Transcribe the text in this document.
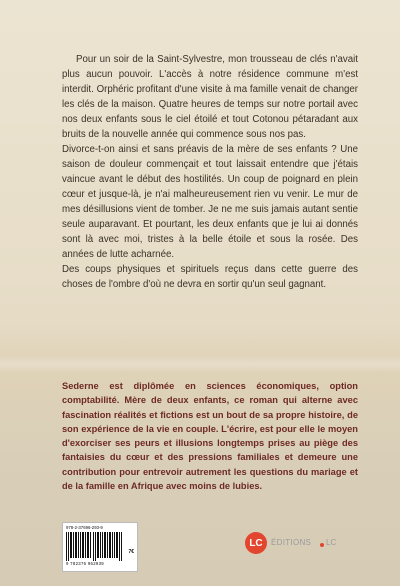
Pour un soir de la Saint-Sylvestre, mon trousseau de clés n'avait plus aucun pouvoir. L'accès à notre résidence commune m'est interdit. Orphéric profitant d'une visite à ma famille venait de changer les clés de la maison. Quatre heures de temps sur notre portail avec nos deux enfants sous le ciel étoilé et tout Cotonou pétaradant aux bruits de la nouvelle année qui commence sous nos pas.

Divorce-t-on ainsi et sans préavis de la mère de ses enfants ? Une saison de douleur commençait et tout laissait entendre que j'étais vaincue avant le début des hostilités. Un coup de poignard en plein cœur et jusque-là, je n'ai malheureusement rien vu venir. Le mur de mes désillusions vient de tomber. Je ne me suis jamais autant sentie seule auparavant. Et pourtant, les deux enfants que je lui ai donnés sont là avec moi, tristes à la belle étoile et sous la rosée. Des années de lutte acharnée.

Des coups physiques et spirituels reçus dans cette guerre des choses de l'ombre d'où ne devra en sortir qu'un seul gagnant.

Sederne est diplômée en sciences économiques, option comptabilité. Mère de deux enfants, ce roman qui alterne avec fascination réalités et fictions est un bout de sa propre histoire, de son expérience de la vie en couple. L'écrire, est pour elle le moyen d'exorciser ses peurs et illusions longtemps prises au piège des fantaisies du cœur et des pressions familiales et demeure une contribution pour entrevoir autrement les questions du mariage et de la famille en Afrique avec moins de lubies.
978-2-37696-293-9
7€
9 782376 962939
LC ÉDITIONS LC
